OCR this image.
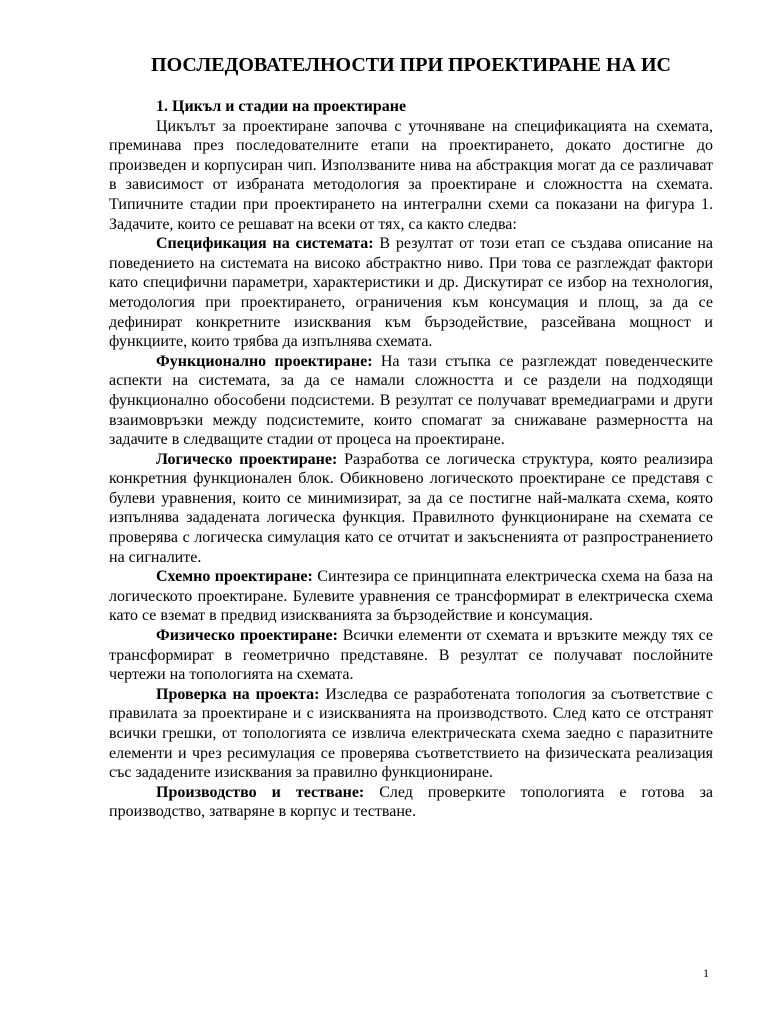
ПОСЛЕДОВАТЕЛНОСТИ ПРИ ПРОЕКТИРАНЕ НА ИС

1. Цикъл и стадии на проектиране

Цикълът за проектиране започва с уточняване на спецификацията на схемата, преминава през последователните етапи на проектирането, докато достигне до произведен и корпусиран чип. Използваните нива на абстракция могат да се различават в зависимост от избраната методология за проектиране и сложността на схемата. Типичните стадии при проектирането на интегрални схеми са показани на фигура 1. Задачите, които се решават на всеки от тях, са както следва:

Спецификация на системата: В резултат от този етап се създава описание на поведението на системата на високо абстрактно ниво. При това се разглеждат фактори като специфични параметри, характеристики и др. Дискутират се избор на технология, методология при проектирането, ограничения към консумация и площ, за да се дефинират конкретните изисквания към бързодействие, разсейвана мощност и функциите, които трябва да изпълнява схемата.

Функционално проектиране: На тази стъпка се разглеждат поведенческите аспекти на системата, за да се намали сложността и се раздели на подходящи функционално обособени подсистеми. В резултат се получават времедиаграми и други взаимовръзки между подсистемите, които спомагат за снижаване размерността на задачите в следващите стадии от процеса на проектиране.

Логическо проектиране: Разработва се логическа структура, която реализира конкретния функционален блок. Обикновено логическото проектиране се представя с булеви уравнения, които се минимизират, за да се постигне най-малката схема, която изпълнява зададената логическа функция. Правилното функциониране на схемата се проверява с логическа симулация като се отчитат и закъсненията от разпространението на сигналите.

Схемно проектиране: Синтезира се принципната електрическа схема на база на логическото проектиране. Булевите уравнения се трансформират в електрическа схема като се вземат в предвид изискванията за бързодействие и консумация.

Физическо проектиране: Всички елементи от схемата и връзките между тях се трансформират в геометрично представяне. В резултат се получават послойните чертежи на топологията на схемата.

Проверка на проекта: Изследва се разработената топология за съответствие с правилата за проектиране и с изискванията на производството. След като се отстранят всички грешки, от топологията се извлича електрическата схема заедно с паразитните елементи и чрез ресимулация се проверява съответствието на физическата реализация със зададените изисквания за правилно функциониране.

Производство и тестване: След проверките топологията е готова за производство, затваряне в корпус и тестване.

1
